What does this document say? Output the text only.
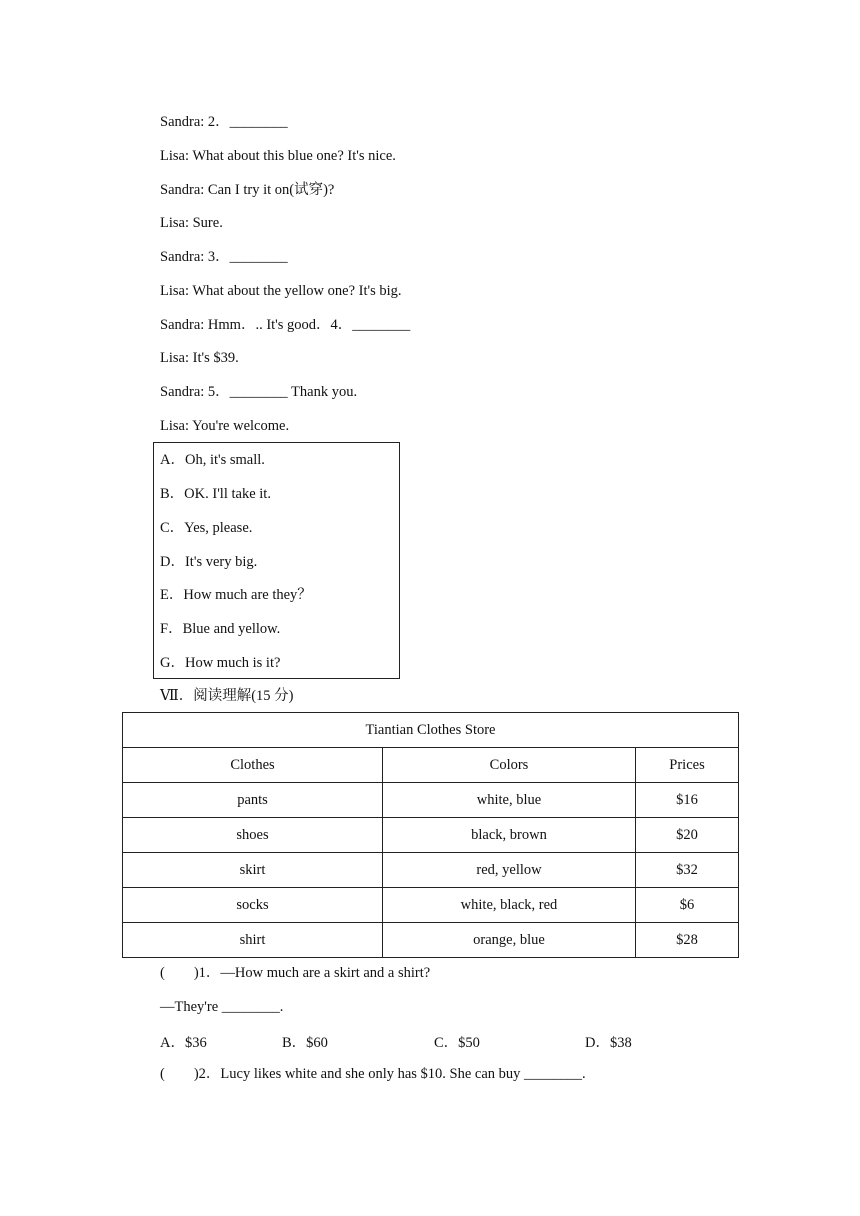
Sandra: 2．________
Lisa: What about this blue one? It's nice.
Sandra: Can I try it on(试穿)?
Lisa: Sure.
Sandra: 3．________
Lisa: What about the yellow one? It's big.
Sandra: Hmm．.. It's good．4．________
Lisa: It's $39.
Sandra: 5．________ Thank you.
Lisa: You're welcome.
A．Oh, it's small.
B．OK. I'll take it.
C．Yes, please.
D．It's very big.
E．How much are they？
F．Blue and yellow.
G．How much is it?
Ⅶ．阅读理解(15 分)
Tiantian Clothes Store		
Clothes	Colors	Prices
pants	white, blue	$16
shoes	black, brown	$20
skirt	red, yellow	$32
socks	white, black, red	$6
shirt	orange, blue	$28
(　　)1．—How much are a skirt and a shirt?
—They're ________.
A．$36	B．$60	C．$50	D．$38
(　　)2．Lucy likes white and she only has $10. She can buy ________.
